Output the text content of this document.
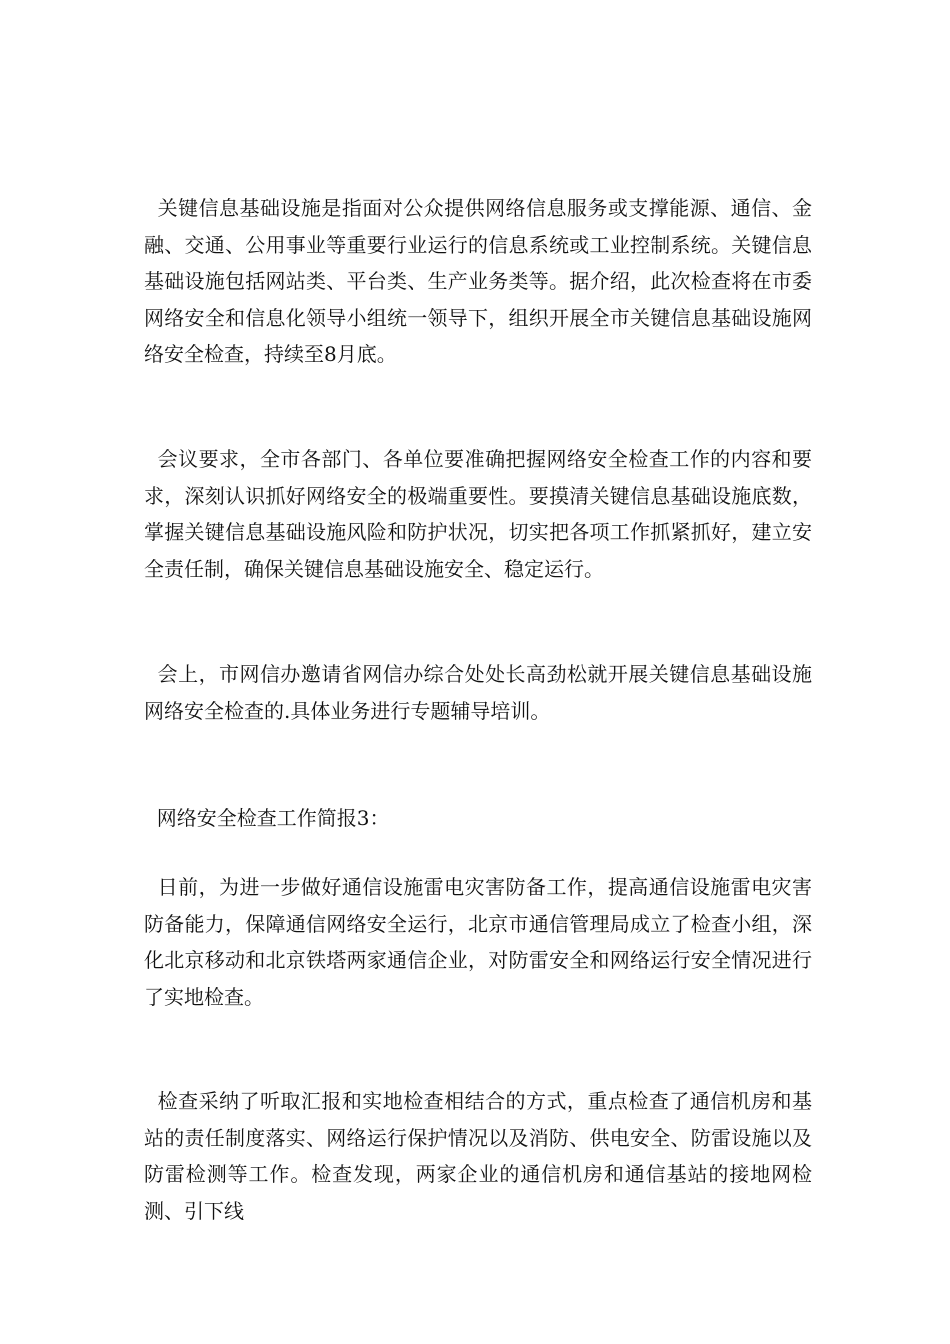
关键信息基础设施是指面对公众提供网络信息服务或支撑能源、通信、金融、交通、公用事业等重要行业运行的信息系统或工业控制系统。关键信息基础设施包括网站类、平台类、生产业务类等。据介绍，此次检查将在市委网络安全和信息化领导小组统一领导下，组织开展全市关键信息基础设施网络安全检查，持续至8月底。

会议要求，全市各部门、各单位要准确把握网络安全检查工作的内容和要求，深刻认识抓好网络安全的极端重要性。要摸清关键信息基础设施底数，掌握关键信息基础设施风险和防护状况，切实把各项工作抓紧抓好，建立安全责任制，确保关键信息基础设施安全、稳定运行。

会上，市网信办邀请省网信办综合处处长高劲松就开展关键信息基础设施网络安全检查的.具体业务进行专题辅导培训。

网络安全检查工作简报3：

日前，为进一步做好通信设施雷电灾害防备工作，提高通信设施雷电灾害防备能力，保障通信网络安全运行，北京市通信管理局成立了检查小组，深化北京移动和北京铁塔两家通信企业，对防雷安全和网络运行安全情况进行了实地检查。

检查采纳了听取汇报和实地检查相结合的方式，重点检查了通信机房和基站的责任制度落实、网络运行保护情况以及消防、供电安全、防雷设施以及防雷检测等工作。检查发现，两家企业的通信机房和通信基站的接地网检测、引下线
